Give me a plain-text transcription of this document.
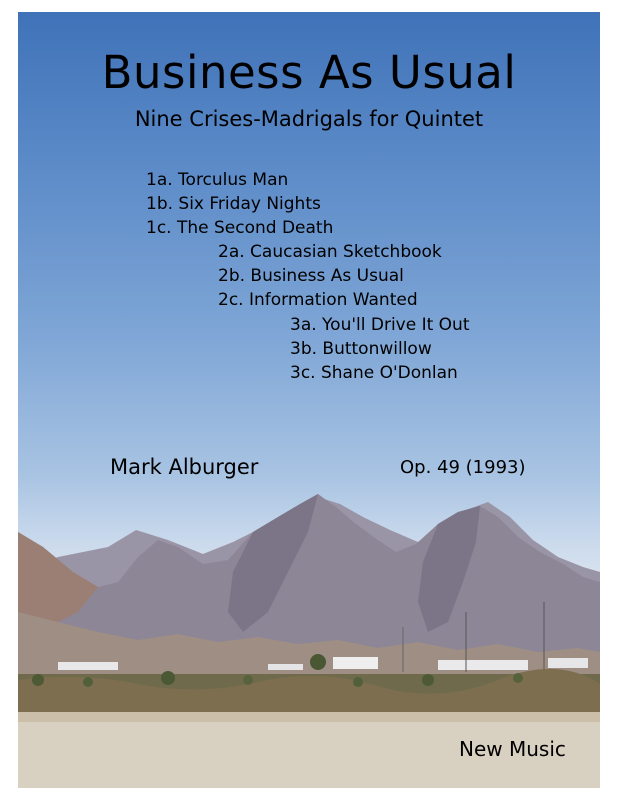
Business As Usual
Nine Crises-Madrigals for Quintet
1a. Torculus Man
1b. Six Friday Nights
1c. The Second Death
2a. Caucasian Sketchbook
2b. Business As Usual
2c. Information Wanted
3a. You'll Drive It Out
3b. Buttonwillow
3c. Shane O'Donlan
Mark Alburger	Op. 49 (1993)
New Music
